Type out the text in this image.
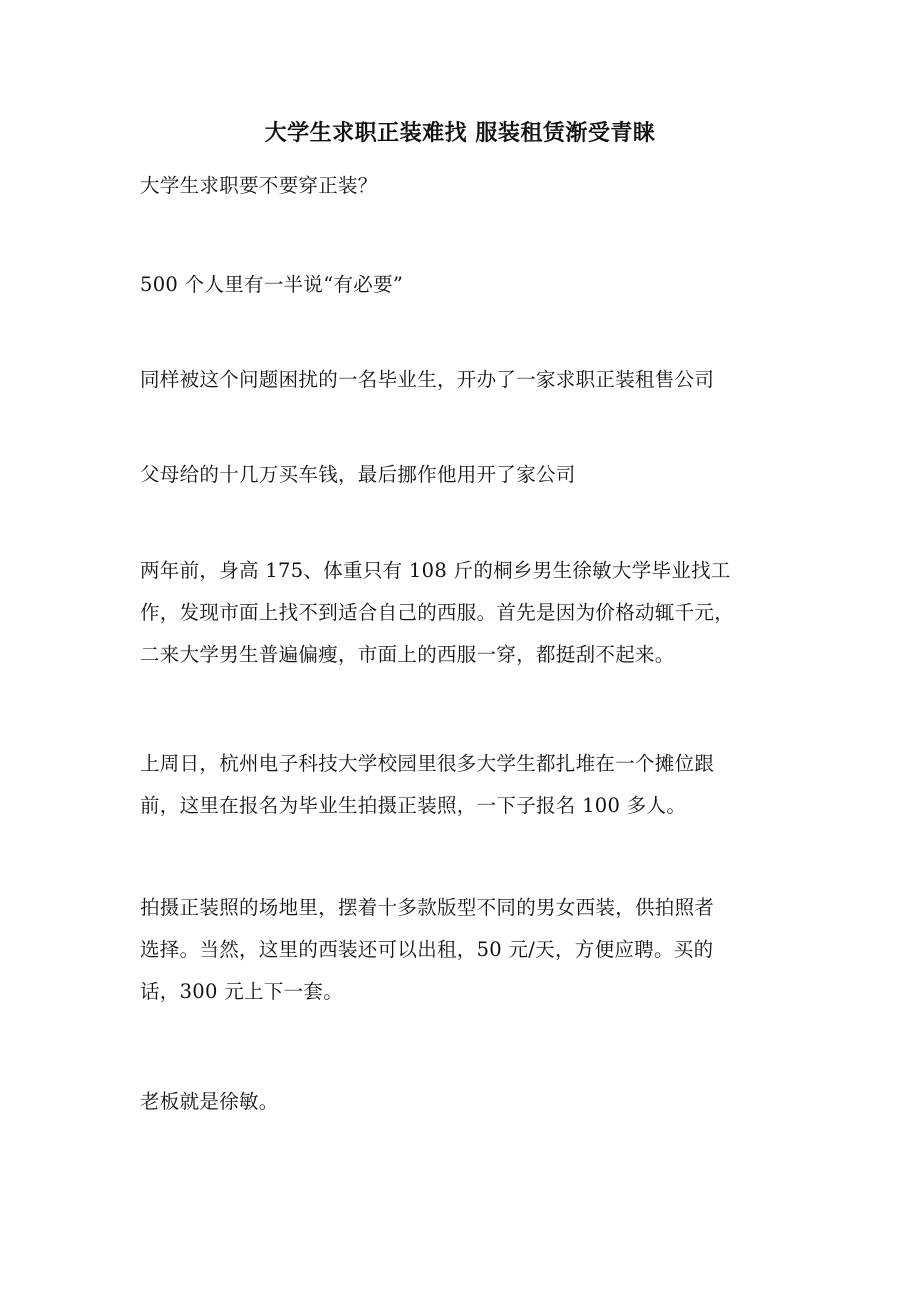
大学生求职正装难找 服装租赁渐受青睐

大学生求职要不要穿正装？

500 个人里有一半说“有必要”

同样被这个问题困扰的一名毕业生，开办了一家求职正装租售公司

父母给的十几万买车钱，最后挪作他用开了家公司

两年前，身高 175、体重只有 108 斤的桐乡男生徐敏大学毕业找工
作，发现市面上找不到适合自己的西服。首先是因为价格动辄千元，
二来大学男生普遍偏瘦，市面上的西服一穿，都挺刮不起来。

上周日，杭州电子科技大学校园里很多大学生都扎堆在一个摊位跟
前，这里在报名为毕业生拍摄正装照，一下子报名 100 多人。

拍摄正装照的场地里，摆着十多款版型不同的男女西装，供拍照者
选择。当然，这里的西装还可以出租，50 元/天，方便应聘。买的
话，300 元上下一套。

老板就是徐敏。
